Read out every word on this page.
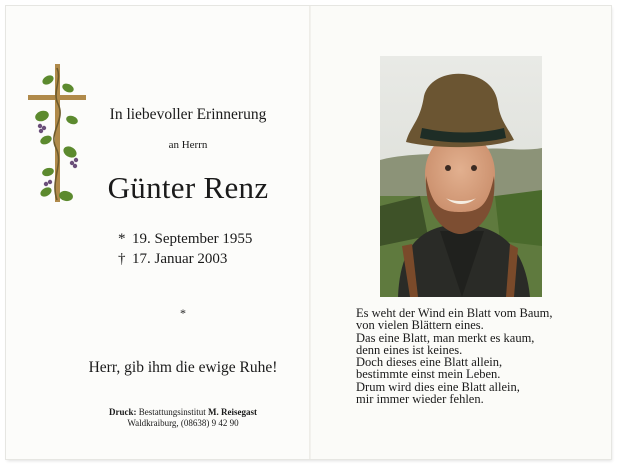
In liebevoller Erinnerung
an Herrn
Günter Renz
* 19. September 1955
† 17. Januar 2003
*
Herr, gib ihm die ewige Ruhe!
Druck: Bestattungsinstitut M. Reisegast
Waldkraiburg, (08638) 9 42 90
Es weht der Wind ein Blatt vom Baum,
von vielen Blättern eines.
Das eine Blatt, man merkt es kaum,
denn eines ist keines.
Doch dieses eine Blatt allein,
bestimmte einst mein Leben.
Drum wird dies eine Blatt allein,
mir immer wieder fehlen.
